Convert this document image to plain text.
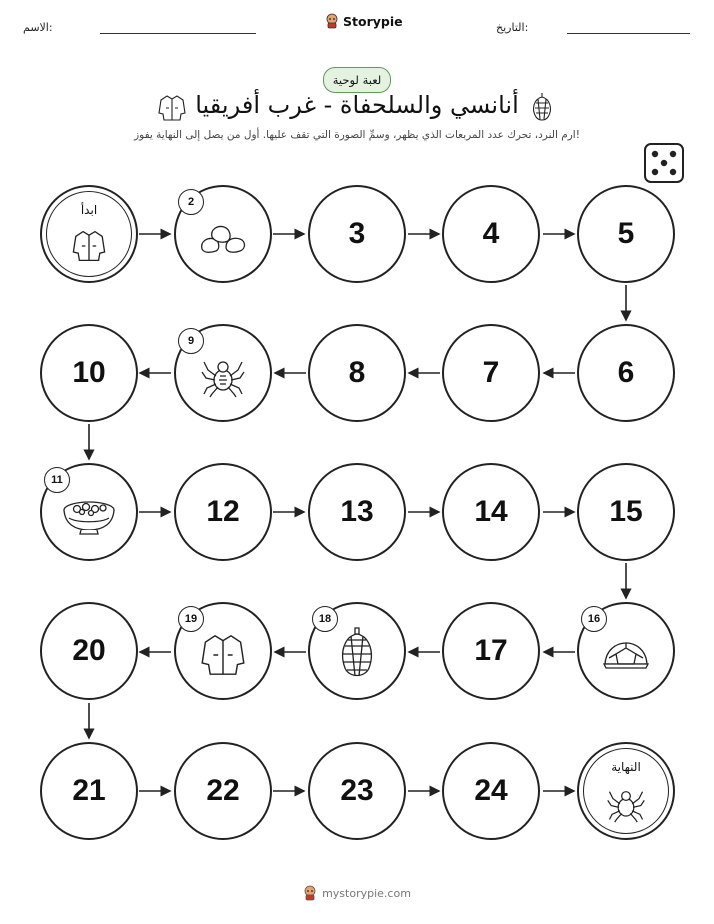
الاسم:	Storypie	التاريخ:
لعبة لوحية
أنانسي والسلحفاة - غرب أفريقيا
ارم النرد، تحرك عدد المربعات الذي يظهر، وسمِّ الصورة التي تقف عليها. أول من يصل إلى النهاية يفوز!
ابدأ
2
3	4	5
6
7
8
9
10
11
12	13	14	15
16
17
18
19
20
21	22	23	24
النهاية
mystorypie.com
